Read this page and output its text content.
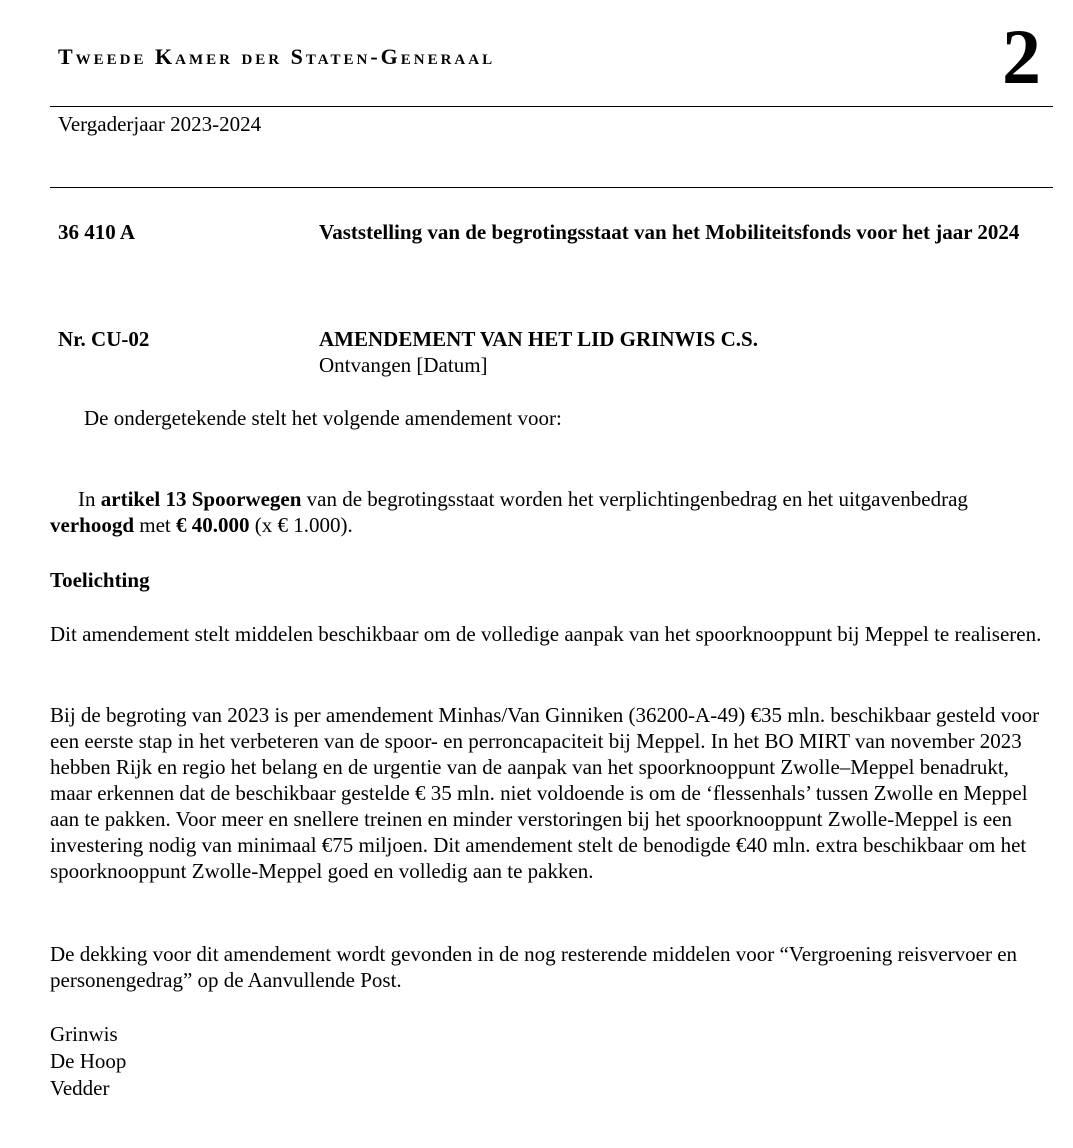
Tweede Kamer der Staten-Generaal	2
Vergaderjaar 2023-2024
36 410 A	Vaststelling van de begrotingsstaat van het Mobiliteitsfonds voor het jaar 2024
Nr. CU-02	AMENDEMENT VAN HET LID GRINWIS C.S.
Ontvangen [Datum]
De ondergetekende stelt het volgende amendement voor:
In artikel 13 Spoorwegen van de begrotingsstaat worden het verplichtingenbedrag en het uitgavenbedrag verhoogd met € 40.000 (x € 1.000).
Toelichting
Dit amendement stelt middelen beschikbaar om de volledige aanpak van het spoorknooppunt bij Meppel te realiseren.
Bij de begroting van 2023 is per amendement Minhas/Van Ginniken (36200-A-49) €35 mln. beschikbaar gesteld voor een eerste stap in het verbeteren van de spoor- en perroncapaciteit bij Meppel. In het BO MIRT van november 2023 hebben Rijk en regio het belang en de urgentie van de aanpak van het spoorknooppunt Zwolle–Meppel benadrukt, maar erkennen dat de beschikbaar gestelde € 35 mln. niet voldoende is om de ‘flessenhals’ tussen Zwolle en Meppel aan te pakken. Voor meer en snellere treinen en minder verstoringen bij het spoorknooppunt Zwolle-Meppel is een investering nodig van minimaal €75 miljoen. Dit amendement stelt de benodigde €40 mln. extra beschikbaar om het spoorknooppunt Zwolle-Meppel goed en volledig aan te pakken.
De dekking voor dit amendement wordt gevonden in de nog resterende middelen voor “Vergroening reisvervoer en personengedrag” op de Aanvullende Post.
Grinwis
De Hoop
Vedder
